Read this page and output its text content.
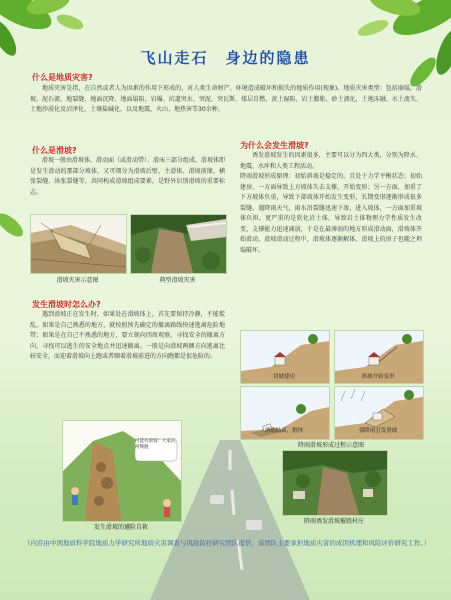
飞山走石　身边的隐患
什么是地质灾害?
地质灾害是指，在自然或者人为因素的作用下形成的，对人类生命财产、环境造成破坏和损失的地质作用(现象)。地质灾害类型：包括崩塌、滑坡、泥石流、地裂缝、地面沉降、地面塌陷、岩爆、坑道突水、突泥、突瓦斯、煤层自燃、黄土湿陷、岩土膨胀、砂土液化，土地冻融、水土流失、土地沙漠化及沼泽化、土壤盐碱化，以及地震、火山、地热害等30余种。
什么是滑坡?
滑坡一般由滑坡体、滑动面（或滑动带）、滑床三部分组成。滑坡体即是发生滑动的那部分坡体，又可细分为滑坡后壁、主滑体、滑坡前缘，横张裂缝、纵张裂缝等，共同构成滑坡组成要素，是野外识别滑坡的重要标志。
滑坡灾害示意图	典型滑坡灾害
为什么会发生滑坡?
诱发滑坡发生的因素很多，主要可以分为四大类，分别为降水、地震、水库和人类工程活动。
降雨滑坡形成原理：初始斜坡是稳定的，且处于力学平衡状态；初始建房，一方面导致上方坡体失去支撑，开始变形；另一方面，加重了下方坡体负重，导致下部坡体开始发生变形，长期变形逐渐形成很多裂缝。遇降雨天气，雨水沿裂缝迅速下渗，进入坡体，一方面加重坡体负担，更严重的是软化岩土体，导致岩土体物理力学性质发生改变，支撑能力迅速减弱，于是在最薄弱的地方形成滑动面，滑坡体开始滑动，滑坡滑动过程中，滑坡体逐渐解体，滑坡上的房子也随之坍塌破坏。
切坡建房	斜坡开始变形
滑动结束，解体	强降雨引发滑坡
降雨滑坡形成过程示意图
降雨诱发滑坡摧毁村庄
发生滑坡时怎么办?
遇到滑坡正在发生时，如果处在滑坡体上，首先要保持冷静，不能慌乱。如果是自己熟悉的地方，就按照预先确定的撤离路线快速逃离危险地带；如果是在自己不熟悉的地方，要立刻向四周观察，寻找安全的撤离方向，寻找可以逃生的安全地点并迅速撤离。一般是向滑坡两侧方向逃离比较安全，而迎着滑坡向上跑或者顺着滑坡前进的方向跑都是很危险的。
可能有滑坡！大家向两侧跑
发生滑坡的避险自救
（内容由中国地质科学院地质力学研究所地质灾害调查与风险防控研究团队提供，该团队主要承担地质灾害的成因机理和风险评价研究工作。）
